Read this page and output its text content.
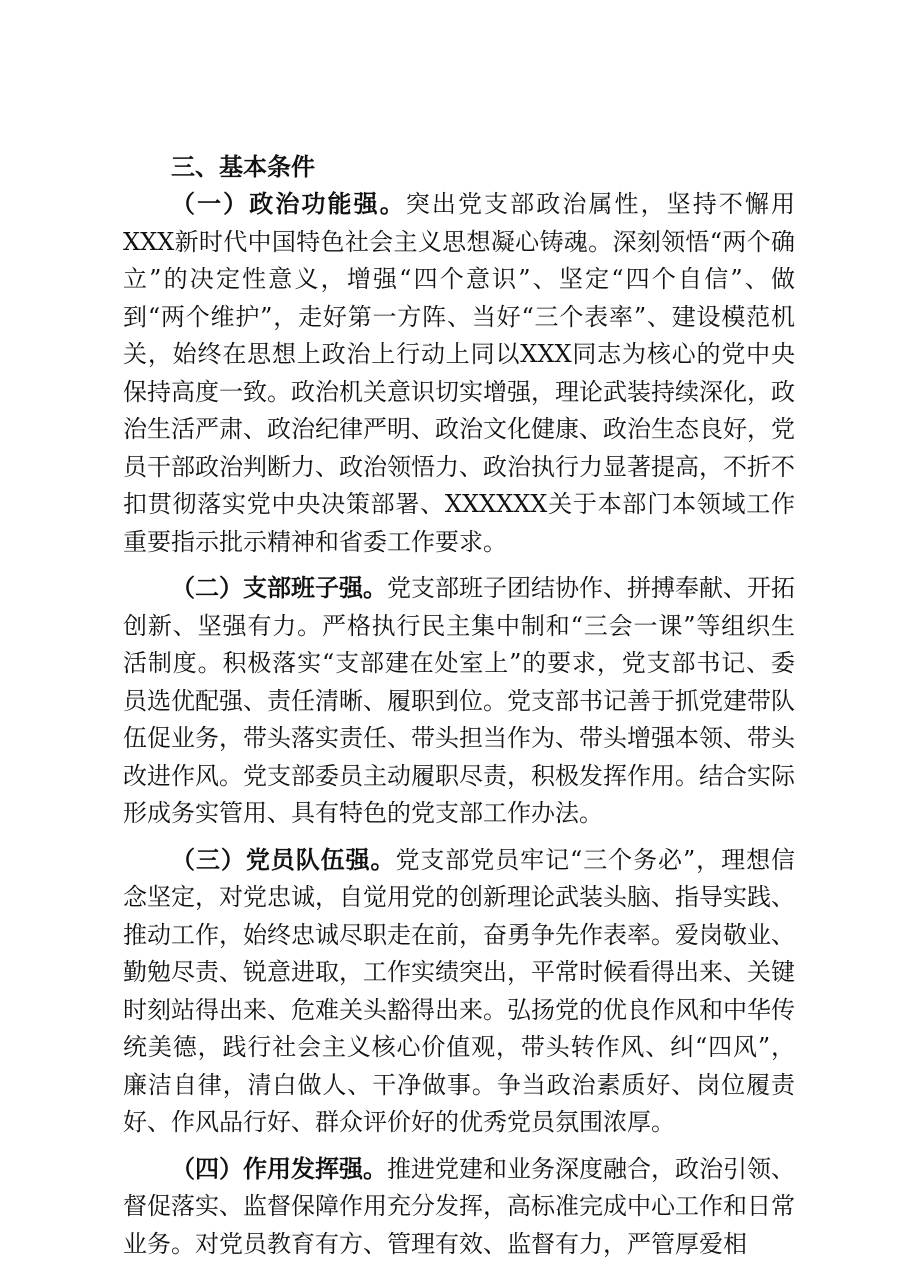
三、基本条件

（一）政治功能强。突出党支部政治属性，坚持不懈用XXX新时代中国特色社会主义思想凝心铸魂。深刻领悟“两个确立”的决定性意义，增强“四个意识”、坚定“四个自信”、做到“两个维护”，走好第一方阵、当好“三个表率”、建设模范机关，始终在思想上政治上行动上同以XXX同志为核心的党中央保持高度一致。政治机关意识切实增强，理论武装持续深化，政治生活严肃、政治纪律严明、政治文化健康、政治生态良好，党员干部政治判断力、政治领悟力、政治执行力显著提高，不折不扣贯彻落实党中央决策部署、XXXXXX关于本部门本领域工作重要指示批示精神和省委工作要求。

（二）支部班子强。党支部班子团结协作、拼搏奉献、开拓创新、坚强有力。严格执行民主集中制和“三会一课”等组织生活制度。积极落实“支部建在处室上”的要求，党支部书记、委员选优配强、责任清晰、履职到位。党支部书记善于抓党建带队伍促业务，带头落实责任、带头担当作为、带头增强本领、带头改进作风。党支部委员主动履职尽责，积极发挥作用。结合实际形成务实管用、具有特色的党支部工作办法。

（三）党员队伍强。党支部党员牢记“三个务必”，理想信念坚定，对党忠诚，自觉用党的创新理论武装头脑、指导实践、推动工作，始终忠诚尽职走在前，奋勇争先作表率。爱岗敬业、勤勉尽责、锐意进取，工作实绩突出，平常时候看得出来、关键时刻站得出来、危难关头豁得出来。弘扬党的优良作风和中华传统美德，践行社会主义核心价值观，带头转作风、纠“四风”，廉洁自律，清白做人、干净做事。争当政治素质好、岗位履责好、作风品行好、群众评价好的优秀党员氛围浓厚。

（四）作用发挥强。推进党建和业务深度融合，政治引领、督促落实、监督保障作用充分发挥，高标准完成中心工作和日常业务。对党员教育有方、管理有效、监督有力，严管厚爱相
